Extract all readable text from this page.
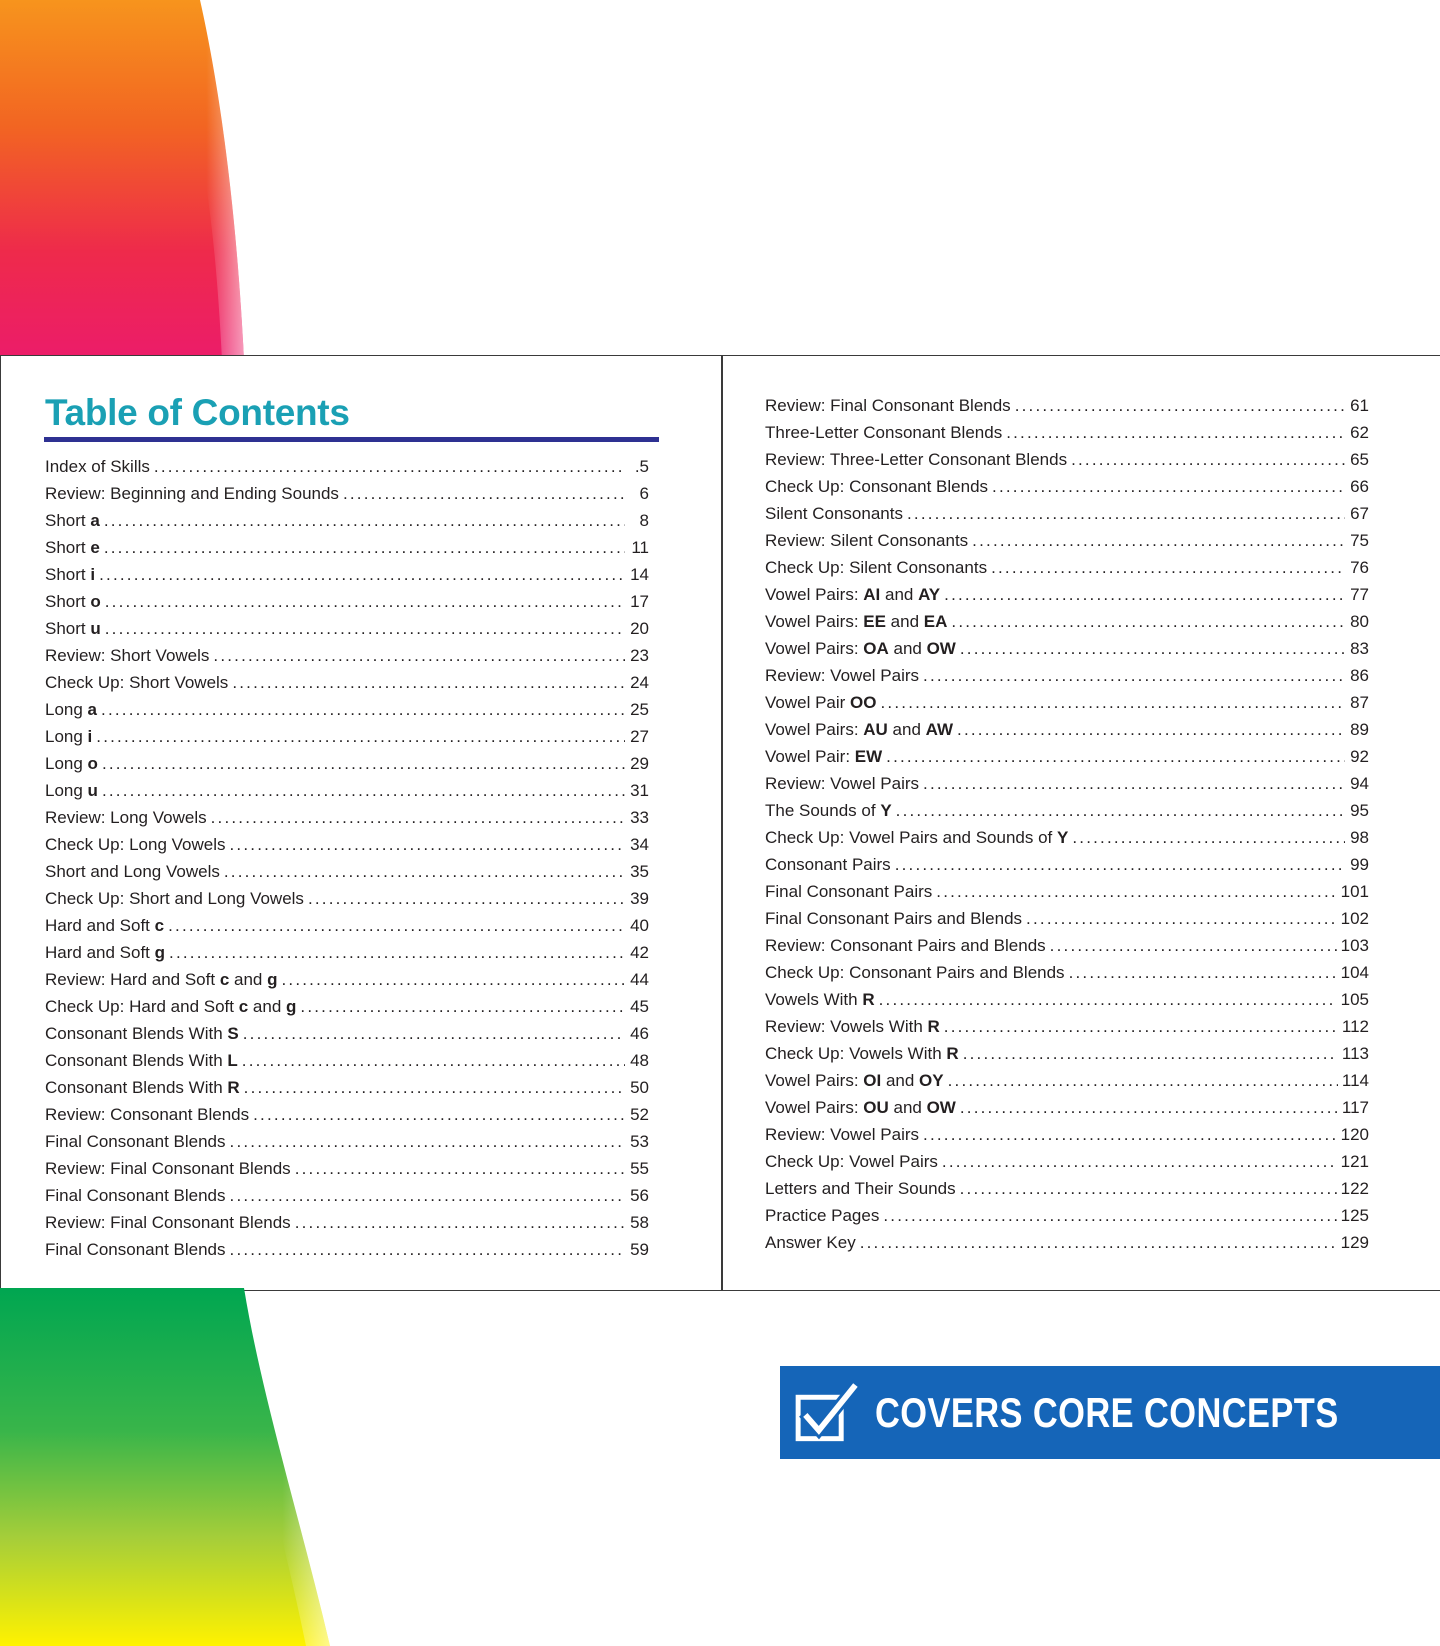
Table of Contents
Index of Skills .....	.5
Review: Beginning and Ending Sounds .....	6
Short a .....	8
Short e .....	11
Short i .....	14
Short o .....	17
Short u .....	20
Review: Short Vowels .....	23
Check Up: Short Vowels .....	24
Long a .....	25
Long i .....	27
Long o .....	29
Long u .....	31
Review: Long Vowels .....	33
Check Up: Long Vowels .....	34
Short and Long Vowels .....	35
Check Up: Short and Long Vowels .....	39
Hard and Soft c .....	40
Hard and Soft g .....	42
Review: Hard and Soft c and g .....	44
Check Up: Hard and Soft c and g .....	45
Consonant Blends With S .....	46
Consonant Blends With L .....	48
Consonant Blends With R .....	50
Review: Consonant Blends .....	52
Final Consonant Blends .....	53
Review: Final Consonant Blends .....	55
Final Consonant Blends .....	56
Review: Final Consonant Blends .....	58
Final Consonant Blends .....	59
Review: Final Consonant Blends .....	61
Three-Letter Consonant Blends .....	62
Review: Three-Letter Consonant Blends .....	65
Check Up: Consonant Blends .....	66
Silent Consonants .....	67
Review: Silent Consonants .....	75
Check Up: Silent Consonants .....	76
Vowel Pairs: AI and AY .....	77
Vowel Pairs: EE and EA .....	80
Vowel Pairs: OA and OW .....	83
Review: Vowel Pairs .....	86
Vowel Pair OO .....	87
Vowel Pairs: AU and AW .....	89
Vowel Pair: EW .....	92
Review: Vowel Pairs .....	94
The Sounds of Y .....	95
Check Up: Vowel Pairs and Sounds of Y .....	98
Consonant Pairs .....	99
Final Consonant Pairs .....	101
Final Consonant Pairs and Blends .....	102
Review: Consonant Pairs and Blends .....	103
Check Up: Consonant Pairs and Blends .....	104
Vowels With R .....	105
Review: Vowels With R .....	112
Check Up: Vowels With R .....	113
Vowel Pairs: OI and OY .....	114
Vowel Pairs: OU and OW .....	117
Review: Vowel Pairs .....	120
Check Up: Vowel Pairs .....	121
Letters and Their Sounds .....	122
Practice Pages .....	125
Answer Key .....	129
COVERS CORE CONCEPTS
